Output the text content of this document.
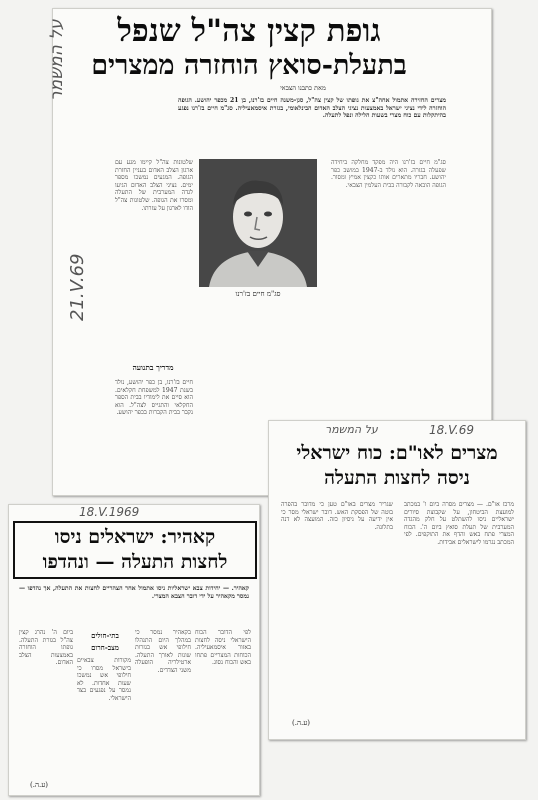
גופת קצין צה"ל שנפל
בתעלת-סואץ הוחזרה ממצרים
מאת כתבנו הצבאי
מצרים החזירה אתמול אחה"צ את גופתו של קצין צה"ל, סגן-משנה חיים בז'רנו, בן 21 מכפר יהושע. הגופה הוחזרה לידי נציגי ישראל באמצעות נציגי הצלב האדום הבינלאומי, בגזרת איסמאעיליה. סג"מ חיים בז'רנו נפגע בהיתקלות עם כוח מצרי בשעות הלילה ונפל לתעלה.
סג"מ חיים בז'רנו
סג"מ חיים בז'רנו היה מפקד מחלקה ביחידה שפעלה בגזרה. הוא נולד ב-1947 במושב כפר יהושע. חבריו מתארים אותו כקצין אמיץ ומסור. הגופה הובאה לקבורה בבית העלמין הצבאי.
שלטונות צה"ל קיימו מגע עם ארגון הצלב האדום בעניין החזרת הגופה. המגעים נמשכו מספר ימים. נציגי הצלב האדום הגיעו לגדה המערבית של התעלה ומסרו את הגופה. שלטונות צה"ל הודו לארגון על עזרתו.
מדריך בתנועה
חיים בז'רנו, בן כפר יהושע, נולד בשנת 1947 למשפחת חקלאים. הוא סיים את לימודיו בבית הספר החקלאי והתגייס לצה"ל. הוא נקבר בבית הקברות בכפר יהושע.
על המשמר
21.V.69
על המשמר	18.V.69
מצרים לאו"ם: כוח ישראלי
ניסה לחצות התעלה
מרכז או"ם. — מצרים מסרה ביום ו' במכתב למועצת הביטחון, על שקבוצת סיורים ישראליים ניסו להשתלט על חלק מהגדה המערבית של תעלת סואץ ביום ה'. הכוח המצרי פתח באש והדף את התוקפים. לפי המכתב נגרמו לישראלים אבידות.
שגריר מצרים באו"ם טען כי מדובר בהפרה בוטה של הפסקת האש. דובר ישראלי מסר כי אין ידיעה על ניסיון כזה. המועצה לא דנה בתלונה.
(ע.ה.)
18.V.1969
קאהיר: ישראלים ניסו
לחצות התעלה — ונהדפו
קאהיר. — יחידות צבא ישראליות ניסו אתמול אחר הצהריים לחצות את התעלה, אך נהדפו — נמסר מקאהיר על ידי דובר הצבא המצרי.
לפי הדובר הכוח הישראלי ניסה לחצות באזור איסמאעיליה. הכוחות המצריים פתחו באש והכוח נסוג.
בקאהיר נמסר כי במהלך היום התנהלו חילופי אש בגזרות שונות לאורך התעלה. ארטילריה הופעלה משני הצדדים.
בתי-חולים
מצב-חרום
מקורות צבאיים בישראל מסרו כי חילופי אש נמשכו שעות אחדות. לא נמסר על נפגעים בצד הישראלי.
ביום ה' נהרג קצין צה"ל בגזרת התעלה. גופתו הוחזרה באמצעות הצלב האדום.
(ע.ה.)
